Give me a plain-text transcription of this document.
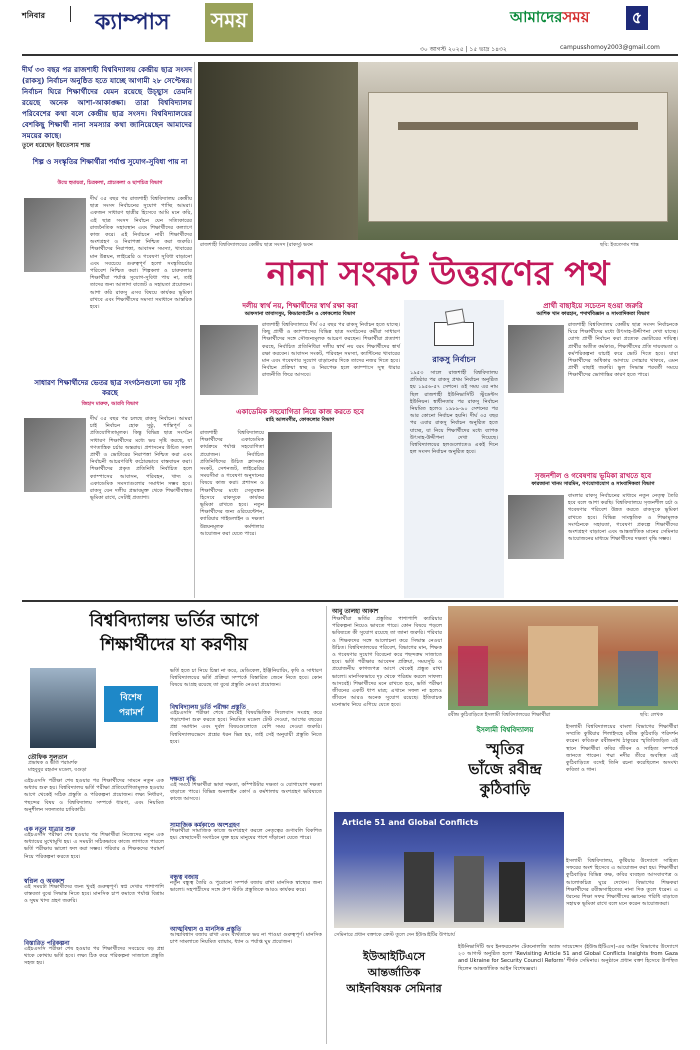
শনিবার ক্যাম্পাস	সময়	আমাদেরসময়	৫
৩০ আগস্ট ২০২৫ | ১৫ ভাদ্র ১৪৩২	campusshomoy2003@gmail.com
দীর্ঘ ৩৩ বছর পর রাজশাহী বিশ্ববিদ্যালয় কেন্দ্রীয় ছাত্র সংসদ (রাকসু) নির্বাচন অনুষ্ঠিত হতে যাচ্ছে আগামী ২৮ সেপ্টেম্বর। নির্বাচন ঘিরে শিক্ষার্থীদের যেমন রয়েছে উচ্ছ্বাস তেমনি রয়েছে অনেক আশা-আকাঙ্ক্ষা। তারা বিশ্ববিদ্যালয় পরিবেশের কথা বলে কেন্দ্রীয় ছাত্র সংসদ। বিশ্ববিদ্যালয়ের বেশকিছু শিক্ষার্থী নানা সমস্যার কথা জানিয়েছেন আমাদের সময়ের কাছে।
তুলে ধরেছেন ইবতেসাম শান্ত
শিল্প ও সংস্কৃতির শিক্ষার্থীরা পর্যাপ্ত সুযোগ-সুবিধা পায় না
উম্মে হুমায়রা, চিত্রকলা, প্রাচ্যকলা ও ছাপচিত্র বিভাগ
দীর্ঘ ৩৫ বছর পর রাজশাহী বিশ্ববিদ্যালয় কেন্দ্রীয় ছাত্র সংসদ নির্বাচনের সুযোগ পাচ্ছি আমরা। একজন সাধারণ ছাত্রীর হিসেবে আমি মনে করি, এই ছাত্র সংসদ নির্বাচন যেন সত্যিকারের রাজনৈতিক সহাবস্থান এবং শিক্ষার্থীদের কল্যাণে কাজ করে। এই নির্বাচনে নারী শিক্ষার্থীদের অংশগ্রহণ ও নিরাপত্তা নিশ্চিত করা জরুরি। শিক্ষার্থীদের নিরাপত্তা, আবাসন সমস্যা, খাবারের মান উন্নয়ন, লাইব্রেরি ও গবেষণা সুবিধা বাড়ানো এবং সবচেয়ে গুরুত্বপূর্ণ হলো সংস্কৃতিচর্চার পরিবেশ নিশ্চিত করা। শিল্পকলা ও চারুকলার শিক্ষার্থীরা পর্যাপ্ত সুযোগ-সুবিধা পায় না, তাই তাদের জন্য আলাদা বাজেট ও সহায়তা প্রয়োজন। আশা করি রাকসু এসব বিষয়ে কার্যকর ভূমিকা রাখবে এবং শিক্ষার্থীদের সমস্যা সমাধানে আন্তরিক হবে।
সাধারণ শিক্ষার্থীদের ভেতর ছাত্র সংগঠনগুলো ভয় সৃষ্টি করছে
জিহাদ মারুফ, আরবি বিভাগ
দীর্ঘ ৩৫ বছর পর চলছে রাকসু নির্বাচন। আমরা চাই নির্বাচন হোক সুষ্ঠু, শান্তিপূর্ণ ও প্রতিযোগিতামূলক। কিন্তু বিভিন্ন ছাত্র সংগঠন সাধারণ শিক্ষার্থীদের মধ্যে ভয় সৃষ্টি করছে, যা গণতান্ত্রিক চর্চার অন্তরায়। প্রশাসনের উচিত সকল প্রার্থী ও ভোটারের নিরাপত্তা নিশ্চিত করা এবং নির্বাচনী আচরণবিধি কঠোরভাবে বাস্তবায়ন করা। শিক্ষার্থীদের প্রকৃত প্রতিনিধি নির্বাচিত হলে ক্যাম্পাসের আবাসন, পরিবহন, খাদ্য ও একাডেমিক সমস্যাগুলোর সমাধান সম্ভব হবে। রাকসু যেন দলীয় প্রভাবমুক্ত থেকে শিক্ষার্থীবান্ধব ভূমিকা রাখে, সেটাই প্রত্যাশা।
রাজশাহী বিশ্ববিদ্যালয়ের কেন্দ্রীয় ছাত্র সংসদ (রাকসু) ভবন	ছবি: ইবতেসাম শান্ত
নানা সংকট উত্তরণের পথ
দলীয় স্বার্থ নয়, শিক্ষার্থীদের স্বার্থ রক্ষা করা
আফসানা তাবাসসুম, কিন্ডারগার্টেন ও ফোকলোর বিভাগ
রাজশাহী বিশ্ববিদ্যালয়ে দীর্ঘ ৩৫ বছর পর রাকসু নির্বাচন হতে যাচ্ছে। কিছু প্রার্থী ও ক্যাম্পাসের বিভিন্ন ছাত্র সংগঠনের কর্মীরা সাধারণ শিক্ষার্থীদের সঙ্গে সৌজন্যমূলক আচরণ করছেন। শিক্ষার্থীরা প্রত্যাশা করছে, নির্বাচিত প্রতিনিধিরা দলীয় স্বার্থ নয় বরং শিক্ষার্থীদের স্বার্থ রক্ষা করবেন। আবাসন সংকট, পরিবহন সমস্যা, ক্যান্টিনের খাবারের মান এবং গবেষণার সুযোগ বাড়ানোর দিকে তাদের নজর দিতে হবে। নির্বাচন প্রক্রিয়া স্বচ্ছ ও নিরপেক্ষ হলে ক্যাম্পাসে সুস্থ ধারার রাজনীতি ফিরে আসবে।
একাডেমিক সহযোগিতা নিয়ে কাজ করতে হবে
রাহি আলমগীর, ফোকলোর বিভাগ
রাজশাহী বিশ্ববিদ্যালয়ে শিক্ষার্থীদের একাডেমিক কার্যক্রমে পর্যাপ্ত সহযোগিতা প্রয়োজন। নির্বাচিত প্রতিনিধিদের উচিত ক্লাসরুম সংকট, সেশনজট, লাইব্রেরির সময়সীমা ও গবেষণা অনুদানের বিষয়ে কাজ করা। প্রশাসন ও শিক্ষার্থীদের মধ্যে সেতুবন্ধন হিসেবে রাকসুকে কার্যকর ভূমিকা রাখতে হবে। নতুন শিক্ষার্থীদের জন্য ওরিয়েন্টেশন, ক্যারিয়ার গাইডলাইন ও দক্ষতা উন্নয়নমূলক কর্মশালার আয়োজন করা যেতে পারে।
রাকসু নির্বাচন
১৯৫৩ সালে রাজশাহী বিশ্ববিদ্যালয় প্রতিষ্ঠার পর রাকসু প্রথম নির্বাচন অনুষ্ঠিত হয় ১৯৫৬-৫৭ সেশনে। ওই সময় এর নাম ছিল রাজশাহী ইউনিভার্সিটি স্টুডেন্টস ইউনিয়ন। স্বাধীনতার পর রাকসু নির্বাচন নিয়মিত হলেও ১৯৮৯-৯০ সেশনের পর আর কোনো নির্বাচন হয়নি। দীর্ঘ ৩৫ বছর পর এবার রাকসু নির্বাচন অনুষ্ঠিত হতে যাচ্ছে, যা নিয়ে শিক্ষার্থীদের মধ্যে ব্যাপক উৎসাহ-উদ্দীপনা দেখা দিয়েছে। বিশ্ববিদ্যালয়ের হলগুলোতেও একই দিনে হল সংসদ নির্বাচন অনুষ্ঠিত হবে।
প্রার্থী বাছাইয়ে সচেতন হওয়া জরুরি
আশিক খান ফারহান, পদার্থবিজ্ঞান ও সাংবাদিকতা বিভাগ
রাজশাহী বিশ্ববিদ্যালয় কেন্দ্রীয় ছাত্র সংসদ নির্বাচনকে ঘিরে শিক্ষার্থীদের মধ্যে উৎসাহ-উদ্দীপনা দেখা যাচ্ছে। যোগ্য প্রার্থী নির্বাচন করা প্রত্যেক ভোটারের দায়িত্ব। প্রার্থীর অতীত কর্মকাণ্ড, শিক্ষার্থীদের প্রতি দায়বদ্ধতা ও কর্মপরিকল্পনা যাচাই করে ভোট দিতে হবে। যারা শিক্ষার্থীদের অধিকার আদায়ে সোচ্চার থাকবে, এমন প্রার্থী বাছাই জরুরি। ভুল সিদ্ধান্ত পরবর্তী সময়ে শিক্ষার্থীদের ভোগান্তির কারণ হতে পারে।
সৃজনশীল ও গবেষণায় ভূমিকা রাখতে হবে
ফারজানা খানম সারমিন, গণযোগাযোগ ও সাংবাদিকতা বিভাগ
বাংলার রাকসু নির্বাচনের মাধ্যমে নতুন নেতৃত্ব তৈরি হবে বলে আশা করছি। বিশ্ববিদ্যালয়ে সৃজনশীল চর্চা ও গবেষণার পরিবেশ উন্নত করতে রাকসুকে ভূমিকা রাখতে হবে। বিভিন্ন সাংস্কৃতিক ও শিক্ষামূলক সংগঠনকে সহায়তা, গবেষণা প্রকল্পে শিক্ষার্থীদের অংশগ্রহণ বাড়ানো এবং আন্তর্জাতিক মানের সেমিনার আয়োজনের মাধ্যমে শিক্ষার্থীদের দক্ষতা বৃদ্ধি সম্ভব।
বিশ্ববিদ্যালয় ভর্তির আগে
শিক্ষার্থীদের যা করণীয়
বিশেষ
পরামর্শ
তৌফিক সুলতান
প্রভাষক ও ভর্তি পরামর্শক
মাহবুবুর রহমান মডেল, বগুড়া
এইচএসসি পরীক্ষা শেষ হওয়ার পর শিক্ষার্থীদের সামনে নতুন এক অধ্যায় শুরু হয়। বিশ্ববিদ্যালয় ভর্তি পরীক্ষা প্রতিযোগিতামূলক হওয়ায় আগে থেকেই সঠিক প্রস্তুতি ও পরিকল্পনা প্রয়োজন। লক্ষ্য নির্ধারণ, পছন্দের বিষয় ও বিশ্ববিদ্যালয় সম্পর্কে ধারণা, এবং নিয়মিত অনুশীলন সফলতার চাবিকাঠি।
এক নতুন যাত্রার শুরু
এইচএসসি পরীক্ষা শেষ হওয়ার পর শিক্ষার্থীরা নিজেদের নতুন এক অধ্যায়ের মুখোমুখি হয়। এ সময়টা সঠিকভাবে কাজে লাগাতে পারলে ভর্তি পরীক্ষায় ভালো ফল করা সম্ভব। পরিবার ও শিক্ষকদের পরামর্শ নিয়ে পরিকল্পনা করতে হবে।
স্বপ্নিল ও অবকাশ
এই সময়টা শিক্ষার্থীদের জন্য খুবই গুরুত্বপূর্ণ। স্বপ্ন দেখার পাশাপাশি বাস্তবতা বুঝে সিদ্ধান্ত নিতে হবে। মানসিক চাপ কমাতে পর্যাপ্ত বিশ্রাম ও সুষম খাদ্য গ্রহণ জরুরি।
বিস্তারিত পরিকল্পনা
এইচএসসি পরীক্ষা শেষ হওয়ার পর শিক্ষার্থীদের সবচেয়ে বড় প্রশ্ন থাকে কোথায় ভর্তি হবে। লক্ষ্য ঠিক করে পরিকল্পনা সাজালে প্রস্তুতি সহজ হয়।
ভর্তি হতে চা নিয়ে চিন্তা না করে, মেডিকেল, ইঞ্জিনিয়ারিং, কৃষি ও সাধারণ বিশ্ববিদ্যালয়ের ভর্তি প্রক্রিয়া সম্পর্কে বিস্তারিত জেনে নিতে হবে। কোন বিষয়ে আগ্রহ রয়েছে তা বুঝে প্রস্তুতি নেওয়া প্রয়োজন।
বিশ্ববিদ্যালয় ভর্তি পরীক্ষা প্রস্তুতি
এইচএসসি পরীক্ষা শেষে প্রথমেই বিষয়ভিত্তিক সিলেবাস সংগ্রহ করে পড়াশোনা শুরু করতে হবে। নিয়মিত মডেল টেস্ট দেওয়া, আগের বছরের প্রশ্ন সমাধান এবং দুর্বল বিষয়গুলোতে বেশি সময় দেওয়া জরুরি। বিশ্ববিদ্যালয়ভেদে প্রশ্নের ধরন ভিন্ন হয়, তাই সেই অনুযায়ী প্রস্তুতি নিতে হবে।
দক্ষতা বৃদ্ধি
এই সময়ে শিক্ষার্থীরা ভাষা দক্ষতা, কম্পিউটার দক্ষতা ও যোগাযোগ দক্ষতা বাড়াতে পারে। বিভিন্ন অনলাইন কোর্স ও কর্মশালায় অংশগ্রহণ ভবিষ্যতে কাজে আসবে।
সামাজিক কর্মকাণ্ডে অংশগ্রহণ
শিক্ষার্থীরা সামাজিক কাজে অংশগ্রহণ করলে নেতৃত্বের গুণাবলি বিকশিত হয়। স্বেচ্ছাসেবী সংগঠনে যুক্ত হয়ে মানুষের পাশে দাঁড়ানো যেতে পারে।
বন্ধুত্ব বজায়
নতুন বন্ধুত্ব তৈরি ও পুরোনো সম্পর্ক বজায় রাখা মানসিক স্বাস্থ্যের জন্য ভালো। সহপাঠীদের সঙ্গে গ্রুপ স্টাডি প্রস্তুতিকে আরও কার্যকর করে।
আত্মবিশ্বাস ও মানসিক প্রস্তুতি
আত্মবিশ্বাস বজায় রাখা এবং ব্যর্থতাকে ভয় না পাওয়া গুরুত্বপূর্ণ। মানসিক চাপ সামলাতে নিয়মিত ব্যায়াম, ধ্যান ও পর্যাপ্ত ঘুম প্রয়োজন।
আবু তালহা আকাশ
শিক্ষার্থীরা ভর্তির প্রস্তুতির পাশাপাশি ক্যারিয়ার পরিকল্পনা নিয়েও ভাবতে পারে। কোন বিষয়ে পড়লে ভবিষ্যতে কী সুযোগ রয়েছে তা জানা জরুরি। পরিবার ও শিক্ষকদের সঙ্গে আলোচনা করে সিদ্ধান্ত নেওয়া উচিত। বিশ্ববিদ্যালয়ের পরিবেশ, বিভাগের মান, শিক্ষক ও গবেষণার সুযোগ বিবেচনা করে পছন্দক্রম সাজাতে হবে। ভর্তি পরীক্ষার আবেদন প্রক্রিয়া, সময়সূচি ও প্রয়োজনীয় কাগজপত্র আগে থেকেই প্রস্তুত রাখা ভালো। মানসিকভাবে দৃঢ় থেকে পরিশ্রম করলে সাফল্য আসবেই। শিক্ষার্থীদের মনে রাখতে হবে, ভর্তি পরীক্ষা জীবনের একটি ধাপ মাত্র; এখানে সফল না হলেও জীবনে আরও অনেক সুযোগ রয়েছে। ইতিবাচক মনোভাব নিয়ে এগিয়ে যেতে হবে।
রবীন্দ্র কুঠিবাড়িতে ইসলামী বিশ্ববিদ্যালয়ের শিক্ষার্থীরা	ছবি: লেখক
ইসলামী বিশ্ববিদ্যালয়
স্মৃতির
ভাঁজে রবীন্দ্র
কুঠিবাড়ি
ইসলামী বিশ্ববিদ্যালয়ের বাংলা বিভাগের শিক্ষার্থীরা সম্প্রতি কুষ্টিয়ার শিলাইদহে রবীন্দ্র কুঠিবাড়ি পরিদর্শন করেন। কবিগুরু রবীন্দ্রনাথ ঠাকুরের স্মৃতিবিজড়িত এই স্থানে শিক্ষার্থীরা কবির জীবন ও সাহিত্য সম্পর্কে জানতে পারেন। পদ্মা নদীর তীরে অবস্থিত এই কুঠিবাড়িতে বসেই তিনি রচনা করেছিলেন অসংখ্য কবিতা ও গান।
ইসলামী বিশ্ববিদ্যালয়, কুষ্টিয়ার উদ্যোগে সাহিত্য সফরের অংশ হিসেবে এ আয়োজন করা হয়। শিক্ষার্থীরা কুঠিবাড়ির বিভিন্ন কক্ষ, কবির ব্যবহৃত আসবাবপত্র ও আলোকচিত্র ঘুরে দেখেন। বিভাগের শিক্ষকরা শিক্ষার্থীদের রবীন্দ্রসাহিত্যের নানা দিক তুলে ধরেন। এ ধরনের শিক্ষা সফর শিক্ষার্থীদের জ্ঞানের পরিধি বাড়াতে সহায়ক ভূমিকা রাখে বলে মনে করেন আয়োজকরা।
Article 51 and Global Conflicts
সেমিনারে প্রধান বক্তাকে ক্রেস্ট তুলে দেন ইউআইটির উপাচার্য
ইউআইটিএসে
আন্তর্জাতিক
আইনবিষয়ক সেমিনার
ইউনিভার্সিটি অব ইনফরমেশন টেকনোলজি অ্যান্ড সায়েন্সেস (ইউআইটিএস)-এর আইন বিভাগের উদ্যোগে ২৩ আগস্ট অনুষ্ঠিত হলো 'Revisiting Article 51 and Global Conflicts Insights from Gaza and Ukraine for Security Council Reform' শীর্ষক সেমিনার। অনুষ্ঠানে প্রধান বক্তা হিসেবে উপস্থিত ছিলেন আন্তর্জাতিক আইন বিশেষজ্ঞরা।
